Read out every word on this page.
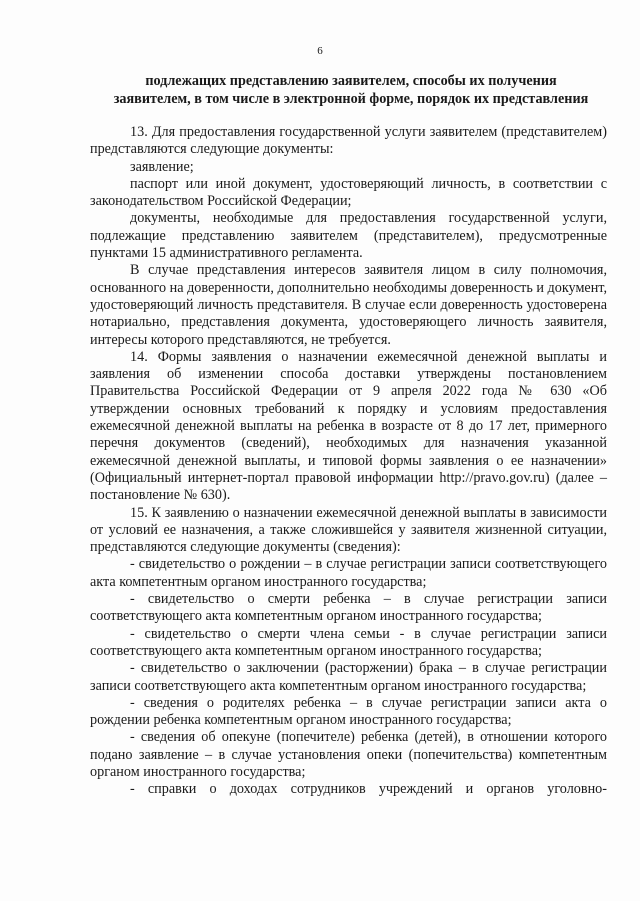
6
подлежащих представлению заявителем, способы их получения
заявителем, в том числе в электронной форме, порядок их представления

13. Для предоставления государственной услуги заявителем (представителем) представляются следующие документы:

заявление;

паспорт или иной документ, удостоверяющий личность, в соответствии с законодательством Российской Федерации;

документы, необходимые для предоставления государственной услуги, подлежащие представлению заявителем (представителем), предусмотренные пунктами 15 административного регламента.

В случае представления интересов заявителя лицом в силу полномочия, основанного на доверенности, дополнительно необходимы доверенность и документ, удостоверяющий личность представителя. В случае если доверенность удостоверена нотариально, представления документа, удостоверяющего личность заявителя, интересы которого представляются, не требуется.

14. Формы заявления о назначении ежемесячной денежной выплаты и заявления об изменении способа доставки утверждены постановлением Правительства Российской Федерации от 9 апреля 2022 года № 630 «Об утверждении основных требований к порядку и условиям предоставления ежемесячной денежной выплаты на ребенка в возрасте от 8 до 17 лет, примерного перечня документов (сведений), необходимых для назначения указанной ежемесячной денежной выплаты, и типовой формы заявления о ее назначении» (Официальный интернет-портал правовой информации http://pravo.gov.ru) (далее – постановление № 630).

15. К заявлению о назначении ежемесячной денежной выплаты в зависимости от условий ее назначения, а также сложившейся у заявителя жизненной ситуации, представляются следующие документы (сведения):

- свидетельство о рождении – в случае регистрации записи соответствующего акта компетентным органом иностранного государства;

- свидетельство о смерти ребенка – в случае регистрации записи соответствующего акта компетентным органом иностранного государства;

- свидетельство о смерти члена семьи - в случае регистрации записи соответствующего акта компетентным органом иностранного государства;

- свидетельство о заключении (расторжении) брака – в случае регистрации записи соответствующего акта компетентным органом иностранного государства;

- сведения о родителях ребенка – в случае регистрации записи акта о рождении ребенка компетентным органом иностранного государства;

- сведения об опекуне (попечителе) ребенка (детей), в отношении которого подано заявление – в случае установления опеки (попечительства) компетентным органом иностранного государства;

- справки о доходах сотрудников учреждений и органов уголовно-
